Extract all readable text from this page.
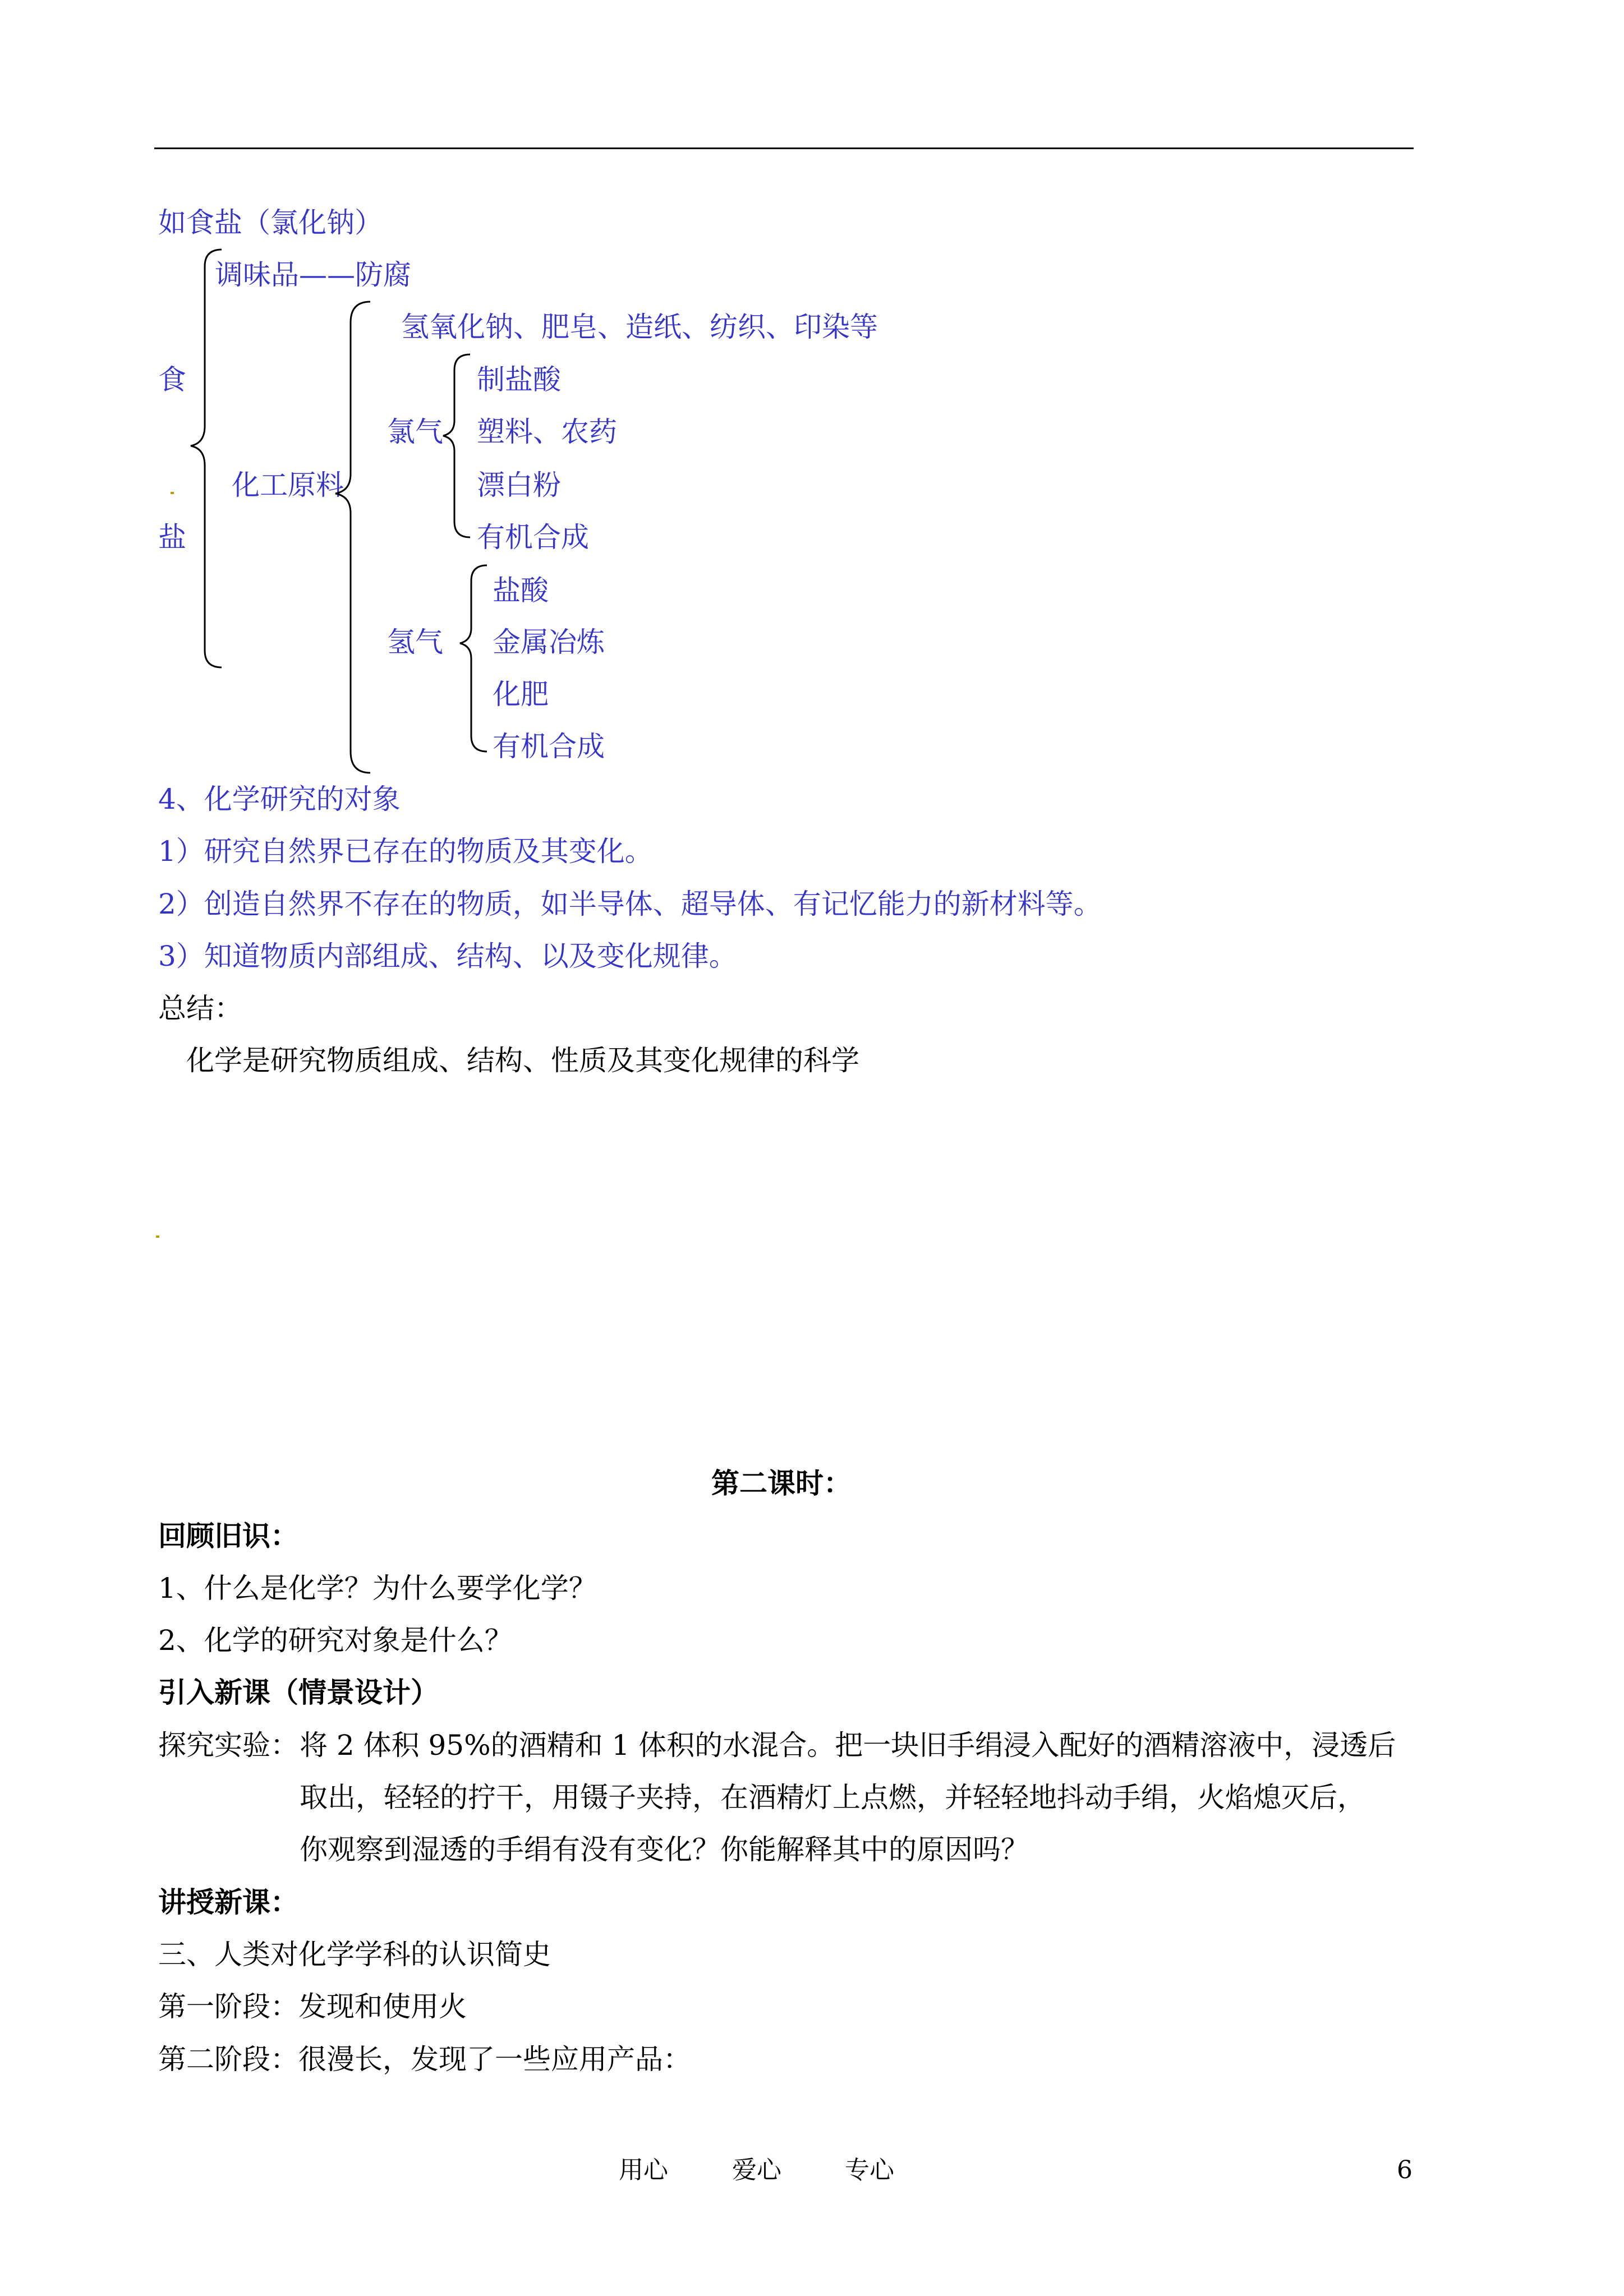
如食盐（氯化钠）
调味品——防腐
食
盐
化工原料
氢氧化钠、肥皂、造纸、纺织、印染等
氯气
制盐酸
塑料、农药
漂白粉
有机合成
氢气
盐酸
金属冶炼
化肥
有机合成
4、化学研究的对象
1）研究自然界已存在的物质及其变化。
2）创造自然界不存在的物质，如半导体、超导体、有记忆能力的新材料等。
3）知道物质内部组成、结构、以及变化规律。
总结：
化学是研究物质组成、结构、性质及其变化规律的科学
第二课时：
回顾旧识：
1、什么是化学？为什么要学化学？
2、化学的研究对象是什么？
引入新课（情景设计）
探究实验： 将 2 体积 95%的酒精和 1 体积的水混合。把一块旧手绢浸入配好的酒精溶液中，浸透后
取出，轻轻的拧干，用镊子夹持，在酒精灯上点燃，并轻轻地抖动手绢，火焰熄灭后，
你观察到湿透的手绢有没有变化？你能解释其中的原因吗？
讲授新课：
三、人类对化学学科的认识简史
第一阶段：发现和使用火
第二阶段：很漫长，发现了一些应用产品：
用心	爱心	专心	6
